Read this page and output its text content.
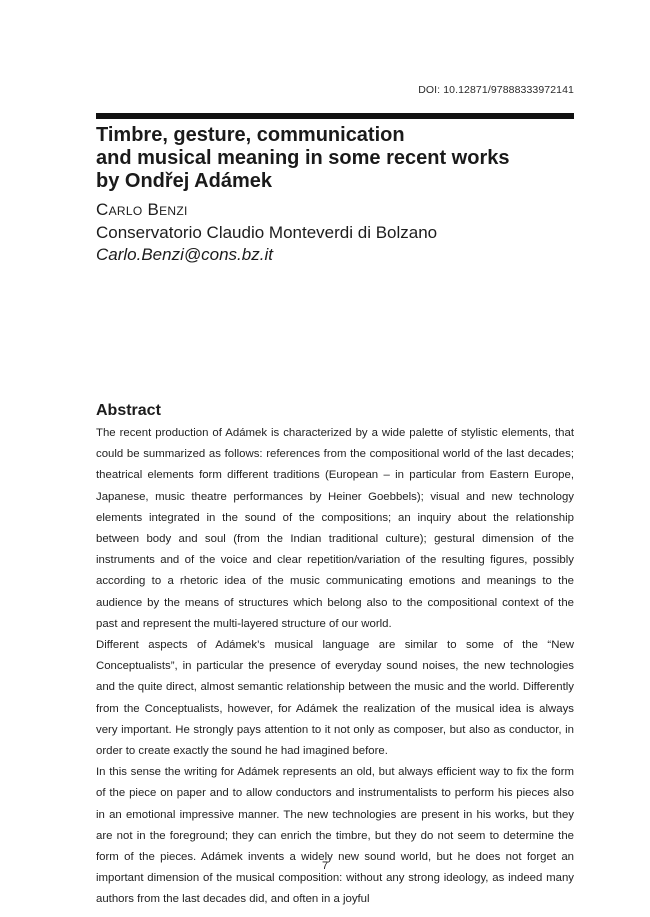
DOI: 10.12871/97888333972141

Timbre, gesture, communication
and musical meaning in some recent works
by Ondřej Adámek

Carlo Benzi

Conservatorio Claudio Monteverdi di Bolzano

Carlo.Benzi@cons.bz.it

Abstract

The recent production of Adámek is characterized by a wide palette of stylistic elements, that could be summarized as follows: references from the compositional world of the last decades; theatrical elements form different traditions (European – in particular from Eastern Europe, Japanese, music theatre performances by Heiner Goebbels); visual and new technology elements integrated in the sound of the compositions; an inquiry about the relationship between body and soul (from the Indian traditional culture); gestural dimension of the instruments and of the voice and clear repetition/variation of the resulting figures, possibly according to a rhetoric idea of the music communicating emotions and meanings to the audience by the means of structures which belong also to the compositional context of the past and represent the multi-layered structure of our world.

Different aspects of Adámek’s musical language are similar to some of the “New Conceptualists”, in particular the presence of everyday sound noises, the new technologies and the quite direct, almost semantic relationship between the music and the world. Differently from the Conceptualists, however, for Adámek the realization of the musical idea is always very important. He strongly pays attention to it not only as composer, but also as conductor, in order to create exactly the sound he had imagined before.

In this sense the writing for Adámek represents an old, but always efficient way to fix the form of the piece on paper and to allow conductors and instrumentalists to perform his pieces also in an emotional impressive manner. The new technologies are present in his works, but they are not in the foreground; they can enrich the timbre, but they do not seem to determine the form of the pieces. Adámek invents a widely new sound world, but he does not forget an important dimension of the musical composition: without any strong ideology, as indeed many authors from the last decades did, and often in a joyful

7
